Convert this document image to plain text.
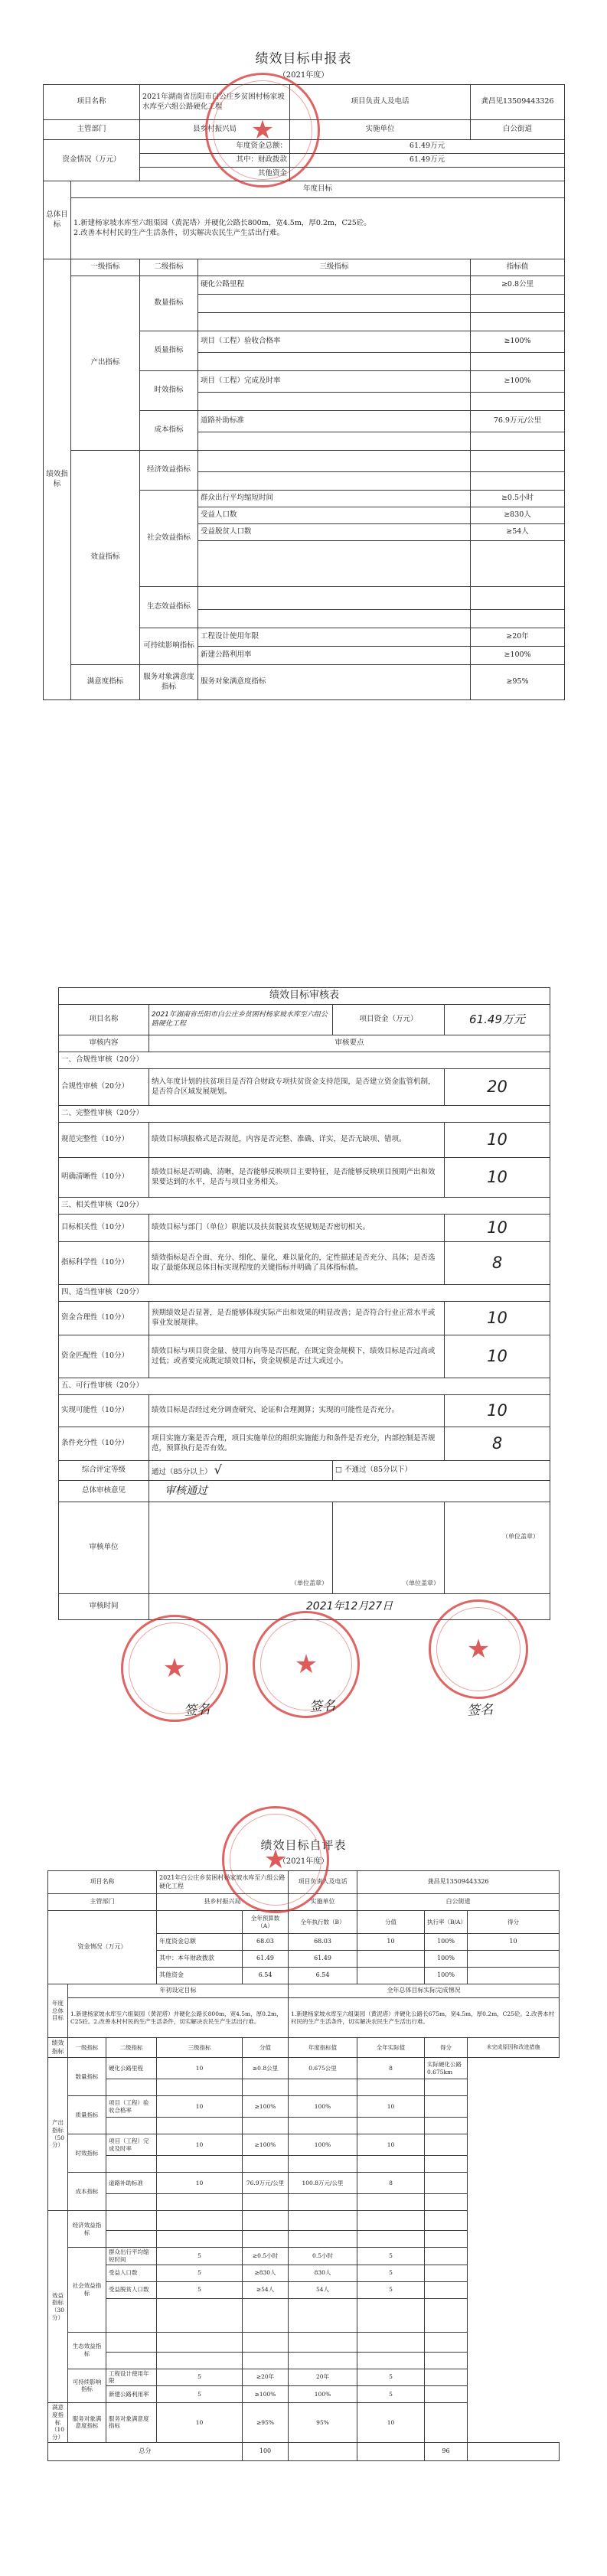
★
绩效目标申报表
（2021年度）
项目名称		2021年湖南省岳阳市白公庄乡贫困村杨家坡水库至六组公路硬化工程		项目负责人及电话	龚昌见13509443326
主管部门		县乡村振兴局		实施单位	白公街道
资金情况（万元）		年度资金总额：		61.49万元	
		其中：财政拨款		61.49万元	
		其他资金			
总体目标	年度目标				

	1.新建杨家坡水库至六组渠园（黄泥塔）并硬化公路长800m，宽4.5m，厚0.2m，C25砼。
2.改善本村村民的生产生活条件，切实解决农民生产生活出行难。				

绩效指标	一级指标	二级指标	三级指标		指标值
	产出指标	数量指标	硬化公路里程		≥0.8公里

		质量指标	项目（工程）验收合格率		≥100%

		时效指标	项目（工程）完成及时率		≥100%

		成本指标	道路补助标准		76.9万元/公里

	效益指标	经济效益指标			

		社会效益指标	群众出行平均缩短时间		≥0.5小时
			受益人口数		≥830人
			受益脱贫人口数		≥54人

		生态效益指标			

		可持续影响指标	工程设计使用年限		≥20年
			新建公路利用率		≥100%
	满意度指标	服务对象满意度指标	服务对象满意度指标		≥95%
绩效目标审核表			
项目名称	2021年湖南省岳阳市白公庄乡贫困村杨家坡水库至六组公路硬化工程	项目资金（万元）	61.49万元
审核内容	审核要点		
一、合规性审核（20分）			
合规性审核（20分）	纳入年度计划的扶贫项目是否符合财政专项扶贫资金支持范围，是否建立资金监管机制，是否符合区域发展规划。		20
二、完整性审核（20分）			
规范完整性（10分）	绩效目标填报格式是否规范，内容是否完整、准确、详实，是否无缺项、错项。		10
明确清晰性（10分）	绩效目标是否明确、清晰，是否能够反映项目主要特征，是否能够反映项目预期产出和效果要达到的水平，是否与项目业务相关。		10
三、相关性审核（20分）			
目标相关性（10分）	绩效目标与部门（单位）职能以及扶贫脱贫攻坚规划是否密切相关。		10
指标科学性（10分）	绩效指标是否全面、充分、细化、量化，难以量化的，定性描述是否充分、具体；是否选取了最能体现总体目标实现程度的关键指标并明确了具体指标值。		8
四、适当性审核（20分）			
资金合理性（10分）	预期绩效是否显著，是否能够体现实际产出和效果的明显改善；是否符合行业正常水平或事业发展规律。		10
资金匹配性（10分）	绩效目标与项目资金量、使用方向等是否匹配，在既定资金规模下，绩效目标是否过高或过低；或者要完成既定绩效目标，资金规模是否过大或过小。		10
五、可行性审核（20分）			
实现可能性（10分）	绩效目标是否经过充分调查研究、论证和合理测算；实现的可能性是否充分。		10
条件充分性（10分）	项目实施方案是否合理，项目实施单位的组织实施能力和条件是否充分，内部控制是否规范，预算执行是否有效。		8
综合评定等级	通过（85分以上） √	□ 不通过（85分以下）	
总体审核意见	审核通过		
审核单位	（单位盖章）	（单位盖章）	（单位盖章）

审核时间	2021年12月27日		
★	★	★
签名	签名	签名
★
绩效目标自评表
（2021年度）
项目名称			2021年白公庄乡贫困村杨家坡水库至六组公路硬化工程		项目负责人及电话	龚昌见13509443326		
主管部门			县乡村振兴局		实施单位	白公街道		
资金情况（万元）				全年预算数（A）	全年执行数（B）	分值	执行率（B/A）	得分
			年度资金总额	68.03	68.03	10	100%	10
			其中：本年财政拨款	61.49	61.49		100%	
			其他资金	6.54	6.54		100%	
年度总体目标	年初设定目标				全年总体目标实际完成情况			
	1.新建杨家坡水库至六组渠园（黄泥塔）并硬化公路长800m，宽4.5m，厚0.2m，C25砼。2.改善本村村民的生产生活条件，切实解决农民生产生活出行难。				1.新建杨家坡水库至六组渠园（黄泥塔）并硬化公路长675m，宽4.5m，厚0.2m，C25砼。2.改善本村村民的生产生活条件，切实解决农民生产生活出行难。			
绩效指标	一级指标	二级指标	三级指标	分值	年度指标值	全年实际值	得分	未完成原因和改进措施
产出指标（50分）	数量指标	硬化公路里程	10	≥0.8公里	0.675公里	8	实际硬化公路0.675km	

	质量指标	项目（工程）验收合格率	10	≥100%	100%	10		

	时效指标	项目（工程）完成及时率	10	≥100%	100%	10		

	成本指标	道路补助标准	10	76.9万元/公里	100.8万元/公里	8		

效益指标（30分）	经济效益指标							

	社会效益指标	群众出行平均缩短时间	5	≥0.5小时	0.5小时	5		
		受益人口数	5	≥830人	830人	5		
		受益脱贫人口数	5	≥54人	54人	5		

	生态效益指标							

	可持续影响指标	工程设计使用年限	5	≥20年	20年	5		
		新建公路利用率	5	≥100%	100%	5		
满意度指标（10分）	服务对象满意度指标	服务对象满意度指标	10	≥95%	95%	10		
总分				100			96	
